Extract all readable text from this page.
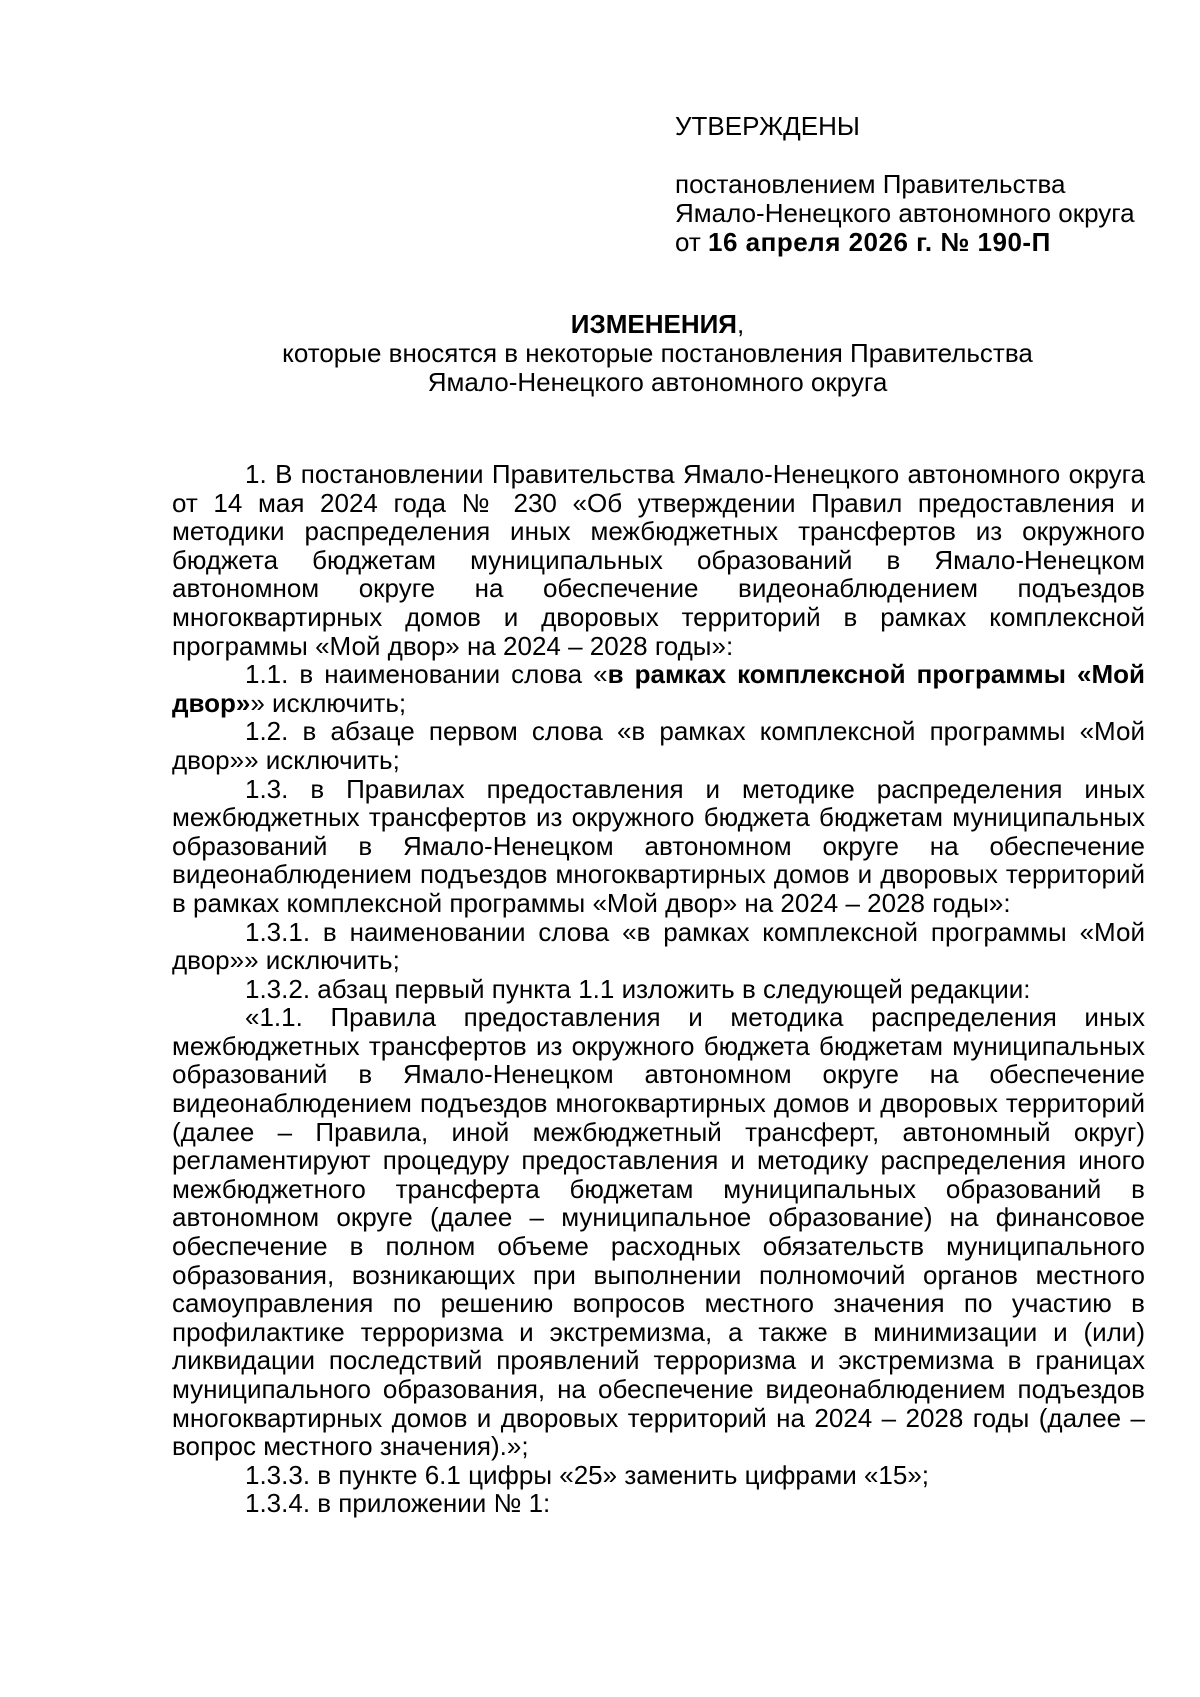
УТВЕРЖДЕНЫ
постановлением Правительства
Ямало-Ненецкого автономного округа
от 16 апреля 2026 г. № 190-П
ИЗМЕНЕНИЯ,
которые вносятся в некоторые постановления Правительства
Ямало-Ненецкого автономного округа

1. В постановлении Правительства Ямало-Ненецкого автономного округа от 14 мая 2024 года № 230 «Об утверждении Правил предоставления и методики распределения иных межбюджетных трансфертов из окружного бюджета бюджетам муниципальных образований в Ямало-Ненецком автономном округе на обеспечение видеонаблюдением подъездов многоквартирных домов и дворовых территорий в рамках комплексной программы «Мой двор» на 2024 – 2028 годы»:

1.1. в наименовании слова «в рамках комплексной программы «Мой двор»» исключить;

1.2. в абзаце первом слова «в рамках комплексной программы «Мой двор»» исключить;

1.3. в Правилах предоставления и методике распределения иных межбюджетных трансфертов из окружного бюджета бюджетам муниципальных образований в Ямало-Ненецком автономном округе на обеспечение видеонаблюдением подъездов многоквартирных домов и дворовых территорий в рамках комплексной программы «Мой двор» на 2024 – 2028 годы»:

1.3.1. в наименовании слова «в рамках комплексной программы «Мой двор»» исключить;

1.3.2. абзац первый пункта 1.1 изложить в следующей редакции:

«1.1. Правила предоставления и методика распределения иных межбюджетных трансфертов из окружного бюджета бюджетам муниципальных образований в Ямало-Ненецком автономном округе на обеспечение видеонаблюдением подъездов многоквартирных домов и дворовых территорий (далее – Правила, иной межбюджетный трансферт, автономный округ) регламентируют процедуру предоставления и методику распределения иного межбюджетного трансферта бюджетам муниципальных образований в автономном округе (далее – муниципальное образование) на финансовое обеспечение в полном объеме расходных обязательств муниципального образования, возникающих при выполнении полномочий органов местного самоуправления по решению вопросов местного значения по участию в профилактике терроризма и экстремизма, а также в минимизации и (или) ликвидации последствий проявлений терроризма и экстремизма в границах муниципального образования, на обеспечение видеонаблюдением подъездов многоквартирных домов и дворовых территорий на 2024 – 2028 годы (далее – вопрос местного значения).»;

1.3.3. в пункте 6.1 цифры «25» заменить цифрами «15»;

1.3.4. в приложении № 1:
